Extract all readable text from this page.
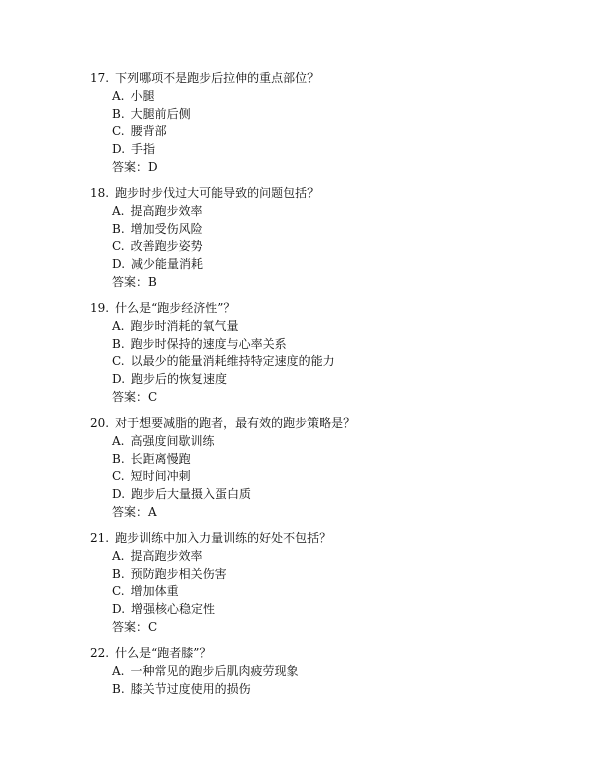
17. 下列哪项不是跑步后拉伸的重点部位？
A. 小腿
B. 大腿前后侧
C. 腰背部
D. 手指
答案：D
18. 跑步时步伐过大可能导致的问题包括？
A. 提高跑步效率
B. 增加受伤风险
C. 改善跑步姿势
D. 减少能量消耗
答案：B
19. 什么是“跑步经济性”？
A. 跑步时消耗的氧气量
B. 跑步时保持的速度与心率关系
C. 以最少的能量消耗维持特定速度的能力
D. 跑步后的恢复速度
答案：C
20. 对于想要减脂的跑者，最有效的跑步策略是？
A. 高强度间歇训练
B. 长距离慢跑
C. 短时间冲刺
D. 跑步后大量摄入蛋白质
答案：A
21. 跑步训练中加入力量训练的好处不包括？
A. 提高跑步效率
B. 预防跑步相关伤害
C. 增加体重
D. 增强核心稳定性
答案：C
22. 什么是“跑者膝”？
A. 一种常见的跑步后肌肉疲劳现象
B. 膝关节过度使用的损伤
